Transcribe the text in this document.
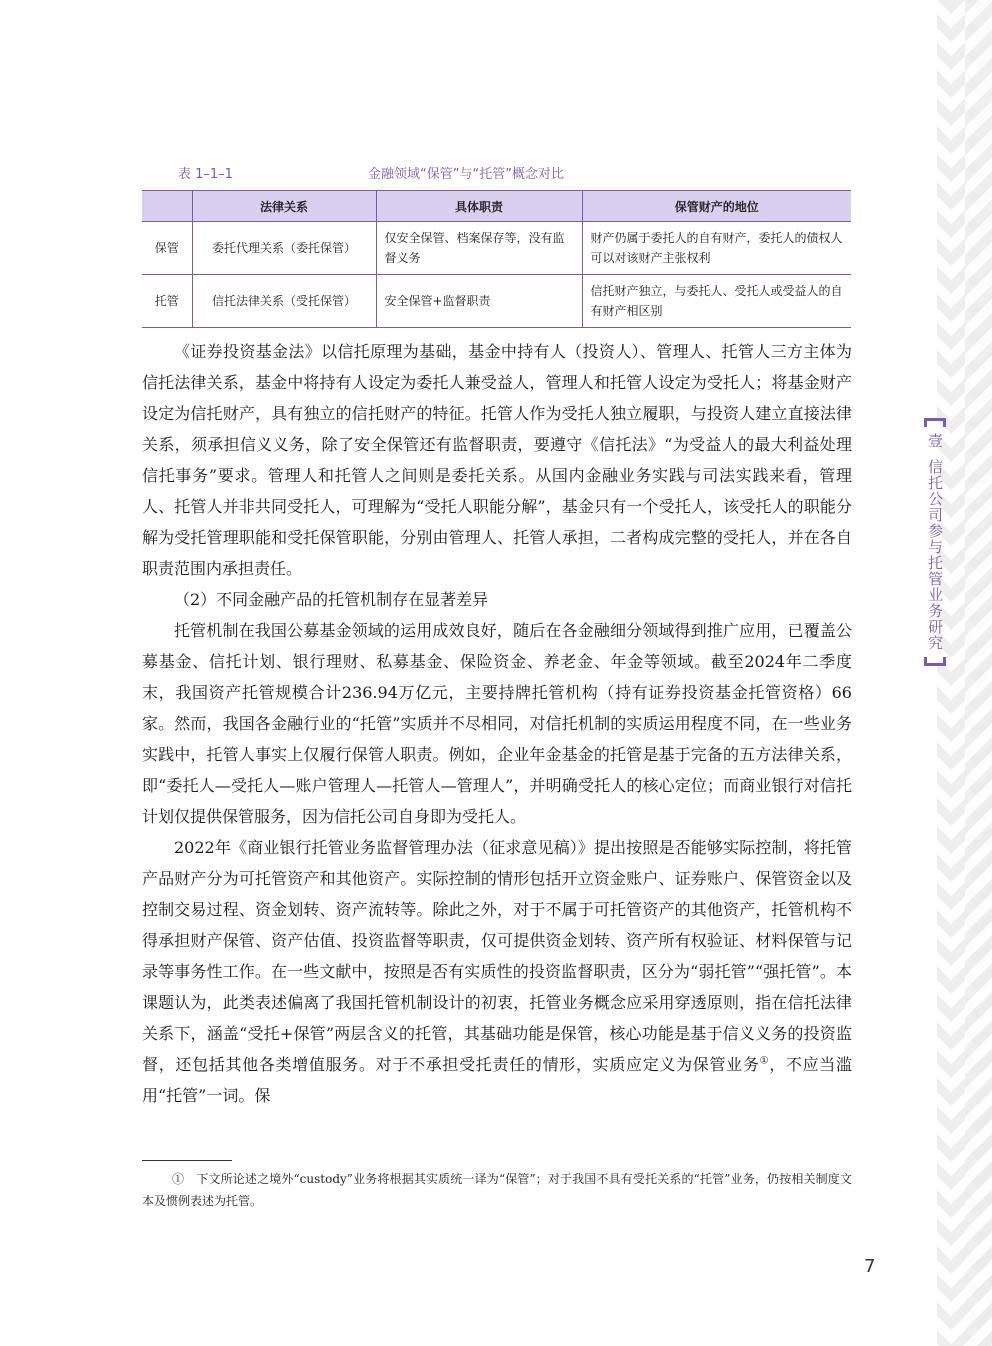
壹信托公司参与托管业务研究
表 1–1–1	金融领域“保管”与“托管”概念对比
	法律关系	具体职责	保管财产的地位
保管	委托代理关系（委托保管）	仅安全保管、档案保存等，没有监督义务	财产仍属于委托人的自有财产，委托人的债权人可以对该财产主张权利
托管	信托法律关系（受托保管）	安全保管+监督职责	信托财产独立，与委托人、受托人或受益人的自有财产相区别

《证券投资基金法》以信托原理为基础，基金中持有人（投资人）、管理人、托管人三方主体为信托法律关系，基金中将持有人设定为委托人兼受益人，管理人和托管人设定为受托人；将基金财产设定为信托财产，具有独立的信托财产的特征。托管人作为受托人独立履职，与投资人建立直接法律关系，须承担信义义务，除了安全保管还有监督职责，要遵守《信托法》“为受益人的最大利益处理信托事务”要求。管理人和托管人之间则是委托关系。从国内金融业务实践与司法实践来看，管理人、托管人并非共同受托人，可理解为“受托人职能分解”，基金只有一个受托人，该受托人的职能分解为受托管理职能和受托保管职能，分别由管理人、托管人承担，二者构成完整的受托人，并在各自职责范围内承担责任。

（2）不同金融产品的托管机制存在显著差异

托管机制在我国公募基金领域的运用成效良好，随后在各金融细分领域得到推广应用，已覆盖公募基金、信托计划、银行理财、私募基金、保险资金、养老金、年金等领域。截至2024年二季度末，我国资产托管规模合计236.94万亿元，主要持牌托管机构（持有证券投资基金托管资格）66家。然而，我国各金融行业的“托管”实质并不尽相同，对信托机制的实质运用程度不同，在一些业务实践中，托管人事实上仅履行保管人职责。例如，企业年金基金的托管是基于完备的五方法律关系，即“委托人—受托人—账户管理人—托管人—管理人”，并明确受托人的核心定位；而商业银行对信托计划仅提供保管服务，因为信托公司自身即为受托人。

2022年《商业银行托管业务监督管理办法（征求意见稿）》提出按照是否能够实际控制，将托管产品财产分为可托管资产和其他资产。实际控制的情形包括开立资金账户、证券账户、保管资金以及控制交易过程、资金划转、资产流转等。除此之外，对于不属于可托管资产的其他资产，托管机构不得承担财产保管、资产估值、投资监督等职责，仅可提供资金划转、资产所有权验证、材料保管与记录等事务性工作。在一些文献中，按照是否有实质性的投资监督职责，区分为“弱托管”“强托管”。本课题认为，此类表述偏离了我国托管机制设计的初衷，托管业务概念应采用穿透原则，指在信托法律关系下，涵盖“受托+保管”两层含义的托管，其基础功能是保管，核心功能是基于信义义务的投资监督，还包括其他各类增值服务。对于不承担受托责任的情形，实质应定义为保管业务①，不应当滥用“托管”一词。保

①　 下文所论述之境外“custody”业务将根据其实质统一译为“保管”；对于我国不具有受托关系的“托管”业务，仍按相关制度文本及惯例表述为托管。
7
